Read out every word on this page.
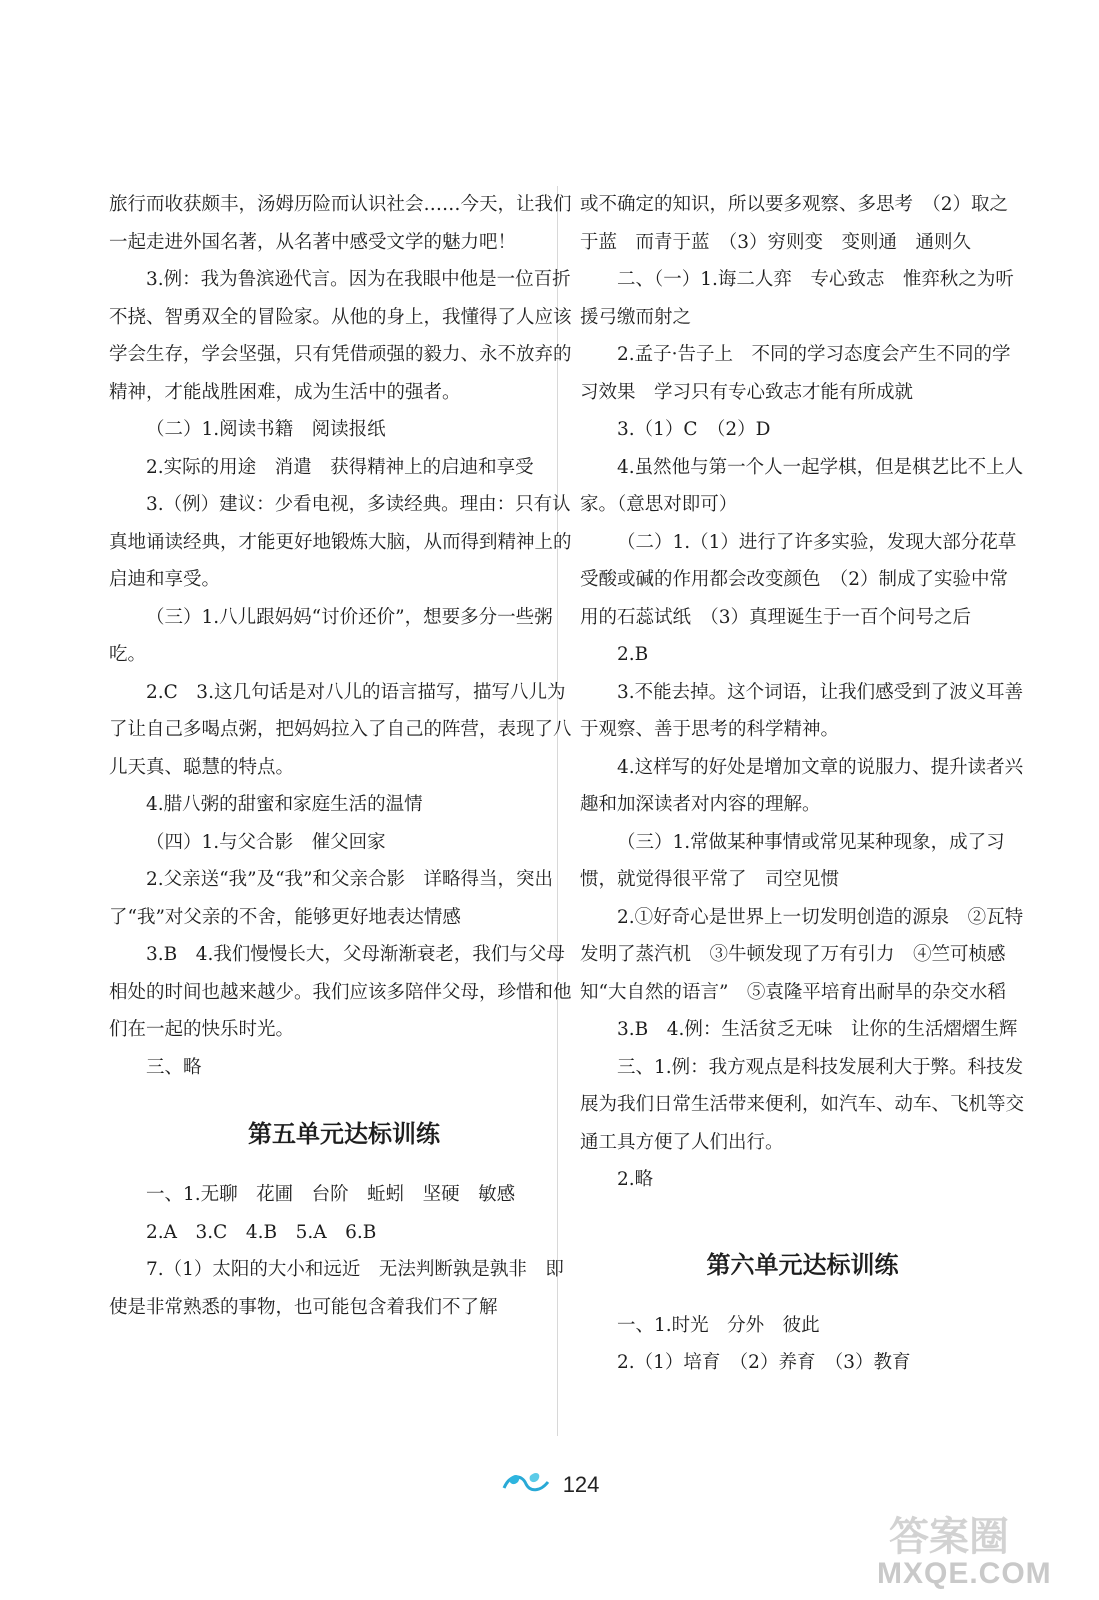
旅行而收获颇丰，汤姆历险而认识社会……今天，让我们一起走进外国名著，从名著中感受文学的魅力吧！

3.例：我为鲁滨逊代言。因为在我眼中他是一位百折不挠、智勇双全的冒险家。从他的身上，我懂得了人应该学会生存，学会坚强，只有凭借顽强的毅力、永不放弃的精神，才能战胜困难，成为生活中的强者。

（二）1.阅读书籍　阅读报纸

2.实际的用途　消遣　获得精神上的启迪和享受

3.（例）建议：少看电视，多读经典。理由：只有认真地诵读经典，才能更好地锻炼大脑，从而得到精神上的启迪和享受。

（三）1.八儿跟妈妈“讨价还价”，想要多分一些粥吃。

2.C　3.这几句话是对八儿的语言描写，描写八儿为了让自己多喝点粥，把妈妈拉入了自己的阵营，表现了八儿天真、聪慧的特点。

4.腊八粥的甜蜜和家庭生活的温情

（四）1.与父合影　催父回家

2.父亲送“我”及“我”和父亲合影　详略得当，突出了“我”对父亲的不舍，能够更好地表达情感

3.B　4.我们慢慢长大，父母渐渐衰老，我们与父母相处的时间也越来越少。我们应该多陪伴父母，珍惜和他们在一起的快乐时光。

三、略

第五单元达标训练

一、1.无聊　花圃　台阶　蚯蚓　坚硬　敏感

2.A　3.C　4.B　5.A　6.B

7.（1）太阳的大小和远近　无法判断孰是孰非　即使是非常熟悉的事物，也可能包含着我们不了解

或不确定的知识，所以要多观察、多思考　（2）取之于蓝　而青于蓝　（3）穷则变　变则通　通则久

二、（一）1.诲二人弈　专心致志　惟弈秋之为听　援弓缴而射之

2.孟子·告子上　不同的学习态度会产生不同的学习效果　学习只有专心致志才能有所成就

3.（1）C　（2）D

4.虽然他与第一个人一起学棋，但是棋艺比不上人家。（意思对即可）

（二）1.（1）进行了许多实验，发现大部分花草受酸或碱的作用都会改变颜色　（2）制成了实验中常用的石蕊试纸　（3）真理诞生于一百个问号之后

2.B

3.不能去掉。这个词语，让我们感受到了波义耳善于观察、善于思考的科学精神。

4.这样写的好处是增加文章的说服力、提升读者兴趣和加深读者对内容的理解。

（三）1.常做某种事情或常见某种现象，成了习惯，就觉得很平常了　司空见惯

2.①好奇心是世界上一切发明创造的源泉　②瓦特发明了蒸汽机　③牛顿发现了万有引力　④竺可桢感知“大自然的语言”　⑤袁隆平培育出耐旱的杂交水稻

3.B　4.例：生活贫乏无味　让你的生活熠熠生辉

三、1.例：我方观点是科技发展利大于弊。科技发展为我们日常生活带来便利，如汽车、动车、飞机等交通工具方便了人们出行。

2.略

第六单元达标训练

一、1.时光　分外　彼此

2.（1）培育　（2）养育　（3）教育

124
答案圈
MXQE.COM
